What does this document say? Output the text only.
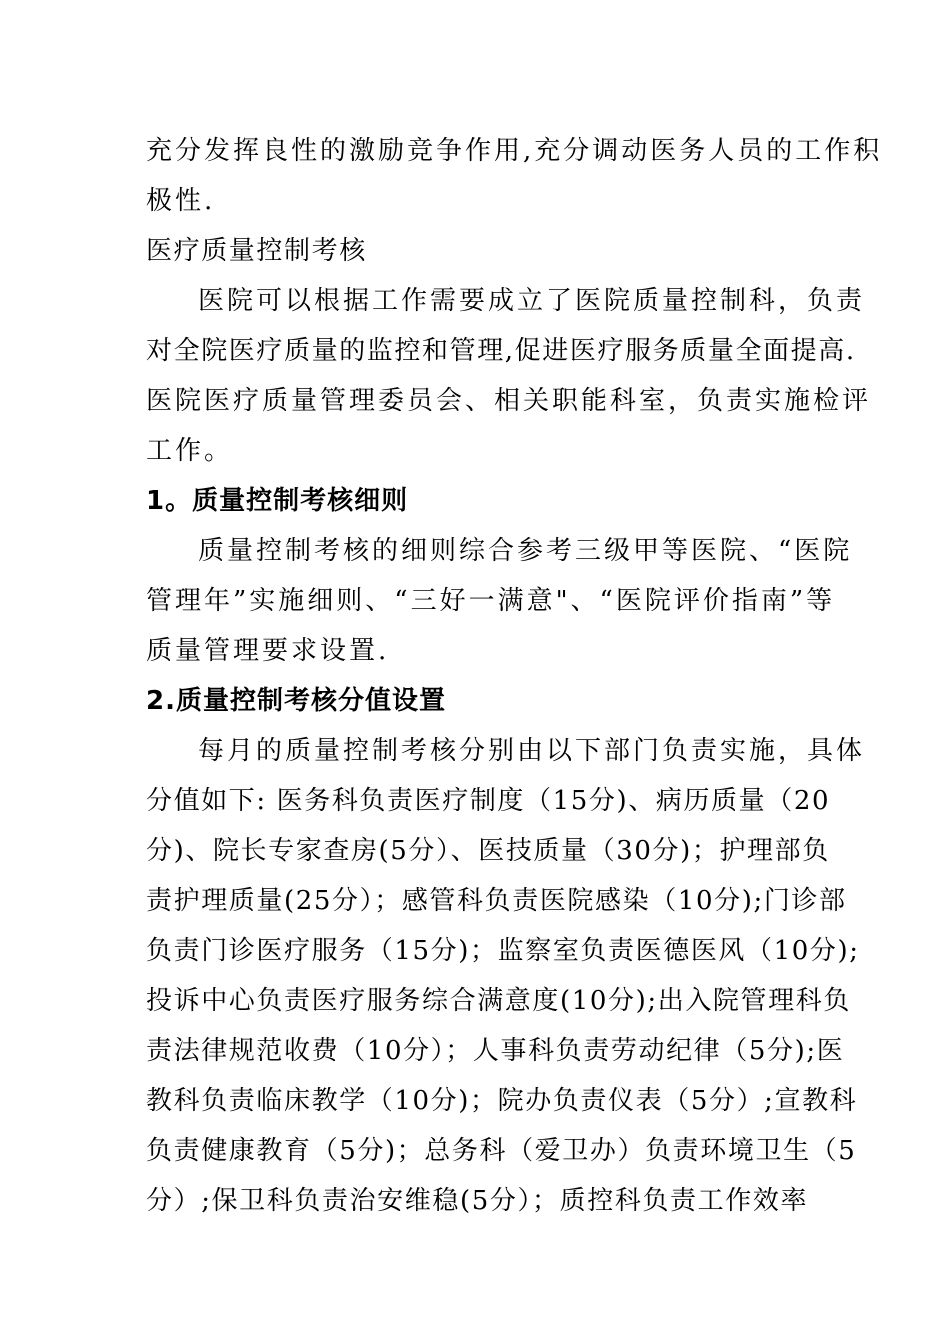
充分发挥良性的激励竞争作用,充分调动医务人员的工作积
极性.
医疗质量控制考核
医院可以根据工作需要成立了医院质量控制科，负责
对全院医疗质量的监控和管理,促进医疗服务质量全面提高.
医院医疗质量管理委员会、相关职能科室，负责实施检评
工作。
1。质量控制考核细则
质量控制考核的细则综合参考三级甲等医院、“医院
管理年”实施细则、“三好一满意"、“医院评价指南”等
质量管理要求设置.
2.质量控制考核分值设置
每月的质量控制考核分别由以下部门负责实施，具体
分值如下: 医务科负责医疗制度（15分)、病历质量（20
分)、院长专家查房(5分）、医技质量（30分)；护理部负
责护理质量(25分）；感管科负责医院感染（10分);门诊部
负责门诊医疗服务（15分)；监察室负责医德医风（10分);
投诉中心负责医疗服务综合满意度(10分);出入院管理科负
责法律规范收费（10分）；人事科负责劳动纪律（5分);医
教科负责临床教学（10分)；院办负责仪表（5分）;宣教科
负责健康教育（5分)；总务科（爱卫办）负责环境卫生（5
分）;保卫科负责治安维稳(5分）；质控科负责工作效率
